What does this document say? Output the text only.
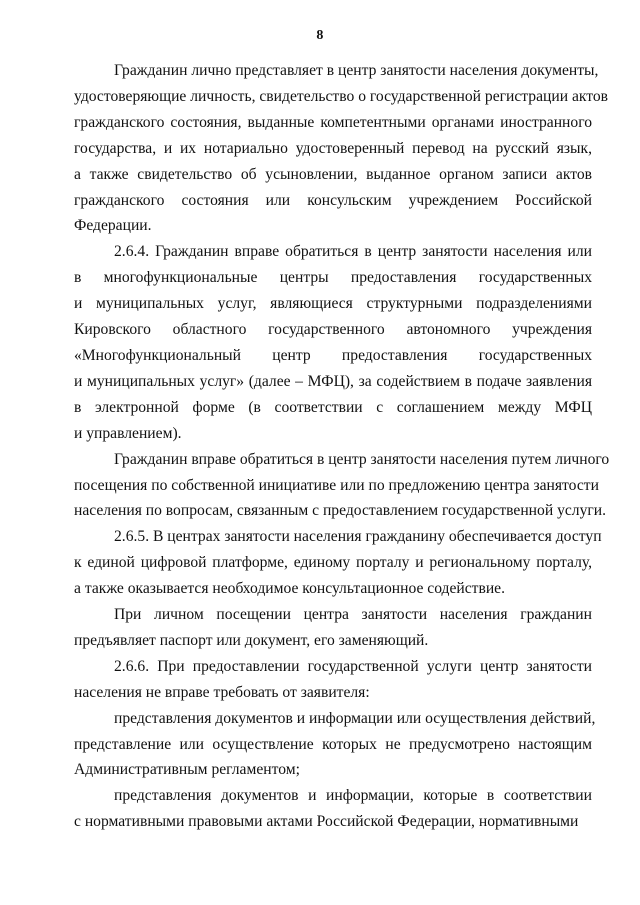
8
Гражданин лично представляет в центр занятости населения документы,
удостоверяющие личность, свидетельство о государственной регистрации актов
гражданского состояния, выданные компетентными органами иностранного
государства, и их нотариально удостоверенный перевод на русский язык,
а также свидетельство об усыновлении, выданное органом записи актов
гражданского состояния или консульским учреждением Российской
Федерации.
2.6.4. Гражданин вправе обратиться в центр занятости населения или
в многофункциональные центры предоставления государственных
и муниципальных услуг, являющиеся структурными подразделениями
Кировского областного государственного автономного учреждения
«Многофункциональный центр предоставления государственных
и муниципальных услуг» (далее – МФЦ), за содействием в подаче заявления
в электронной форме (в соответствии с соглашением между МФЦ
и управлением).
Гражданин вправе обратиться в центр занятости населения путем личного
посещения по собственной инициативе или по предложению центра занятости
населения по вопросам, связанным с предоставлением государственной услуги.
2.6.5. В центрах занятости населения гражданину обеспечивается доступ
к единой цифровой платформе, единому порталу и региональному порталу,
а также оказывается необходимое консультационное содействие.
При личном посещении центра занятости населения гражданин
предъявляет паспорт или документ, его заменяющий.
2.6.6. При предоставлении государственной услуги центр занятости
населения не вправе требовать от заявителя:
представления документов и информации или осуществления действий,
представление или осуществление которых не предусмотрено настоящим
Административным регламентом;
представления документов и информации, которые в соответствии
с нормативными правовыми актами Российской Федерации, нормативными
